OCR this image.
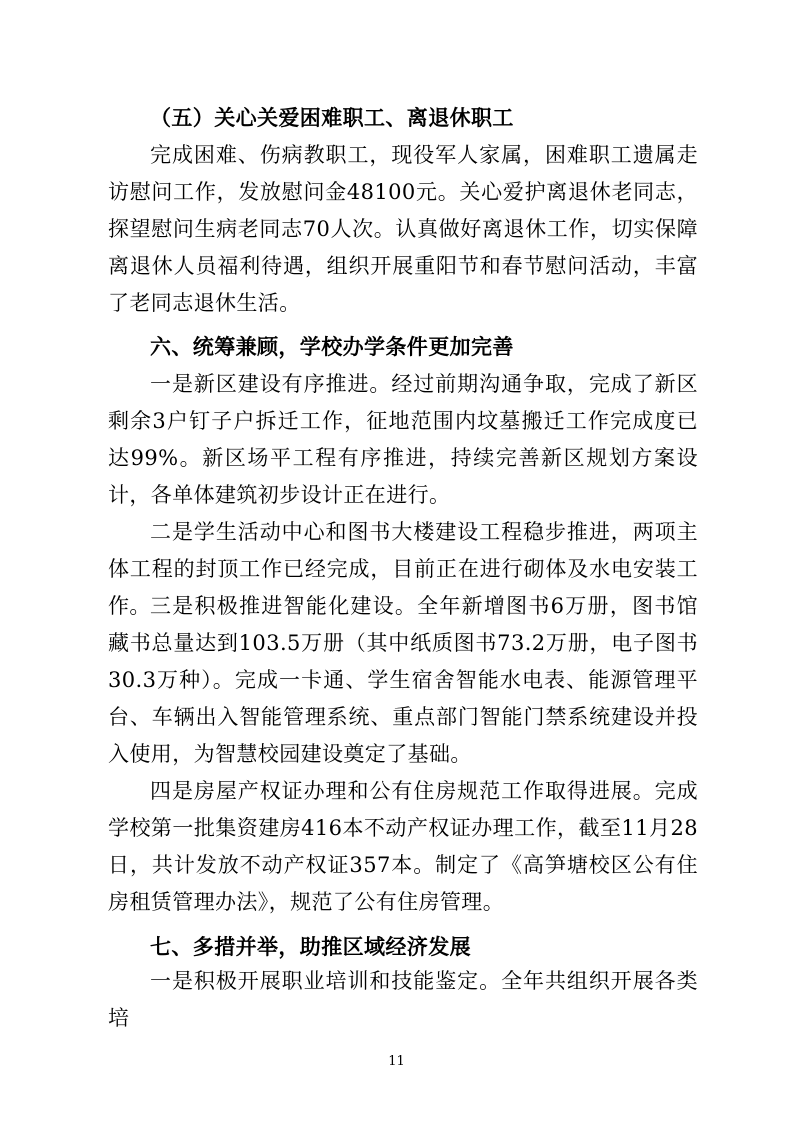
（五）关心关爱困难职工、离退休职工

完成困难、伤病教职工，现役军人家属，困难职工遗属走访慰问工作，发放慰问金48100元。关心爱护离退休老同志，探望慰问生病老同志70人次。认真做好离退休工作，切实保障离退休人员福利待遇，组织开展重阳节和春节慰问活动，丰富了老同志退休生活。

六、统筹兼顾，学校办学条件更加完善

一是新区建设有序推进。经过前期沟通争取，完成了新区剩余3户钉子户拆迁工作，征地范围内坟墓搬迁工作完成度已达99%。新区场平工程有序推进，持续完善新区规划方案设计，各单体建筑初步设计正在进行。

二是学生活动中心和图书大楼建设工程稳步推进，两项主体工程的封顶工作已经完成，目前正在进行砌体及水电安装工作。 三是积极推进智能化建设。全年新增图书6万册，图书馆藏书总量达到103.5万册（其中纸质图书73.2万册，电子图书30.3万种）。完成一卡通、学生宿舍智能水电表、能源管理平台、车辆出入智能管理系统、重点部门智能门禁系统建设并投入使用，为智慧校园建设奠定了基础。

四是房屋产权证办理和公有住房规范工作取得进展。完成学校第一批集资建房416本不动产权证办理工作，截至11月28日，共计发放不动产权证357本。制定了《高笋塘校区公有住房租赁管理办法》，规范了公有住房管理。

七、多措并举，助推区域经济发展

一是积极开展职业培训和技能鉴定。全年共组织开展各类培

11
